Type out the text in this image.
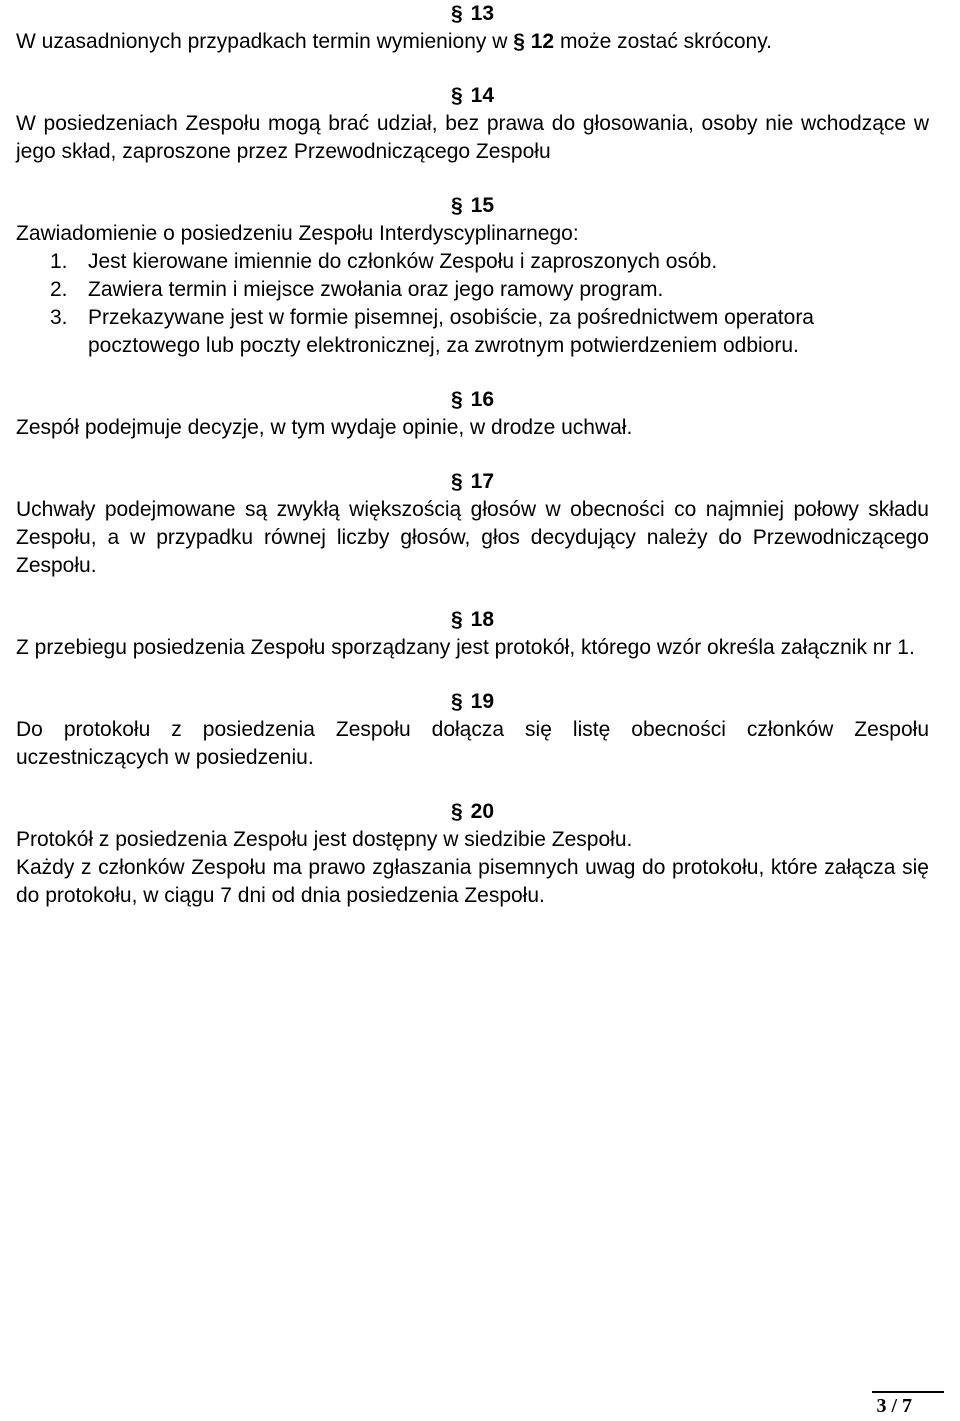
§ 13

W uzasadnionych przypadkach termin wymieniony w § 12 może zostać skrócony.

§ 14

W posiedzeniach Zespołu mogą brać udział, bez prawa do głosowania, osoby nie wchodzące w jego skład, zaproszone przez Przewodniczącego Zespołu

§ 15

Zawiadomienie o posiedzeniu Zespołu Interdyscyplinarnego:

1. Jest kierowane imiennie do członków Zespołu i zaproszonych osób.
2. Zawiera termin i miejsce zwołania oraz jego ramowy program.
3. Przekazywane jest w formie pisemnej, osobiście, za pośrednictwem operatora pocztowego lub poczty elektronicznej, za zwrotnym potwierdzeniem odbioru.
§ 16

Zespół podejmuje decyzje, w tym wydaje opinie, w drodze uchwał.

§ 17

Uchwały podejmowane są zwykłą większością głosów w obecności co najmniej połowy składu Zespołu, a w przypadku równej liczby głosów, głos decydujący należy do Przewodniczącego Zespołu.

§ 18

Z przebiegu posiedzenia Zespołu sporządzany jest protokół, którego wzór określa załącznik nr 1.

§ 19

Do protokołu z posiedzenia Zespołu dołącza się listę obecności członków Zespołu uczestniczących w posiedzeniu.

§ 20

Protokół z posiedzenia Zespołu jest dostępny w siedzibie Zespołu.

Każdy z członków Zespołu ma prawo zgłaszania pisemnych uwag do protokołu, które załącza się do protokołu, w ciągu 7 dni od dnia posiedzenia Zespołu.

3 / 7
